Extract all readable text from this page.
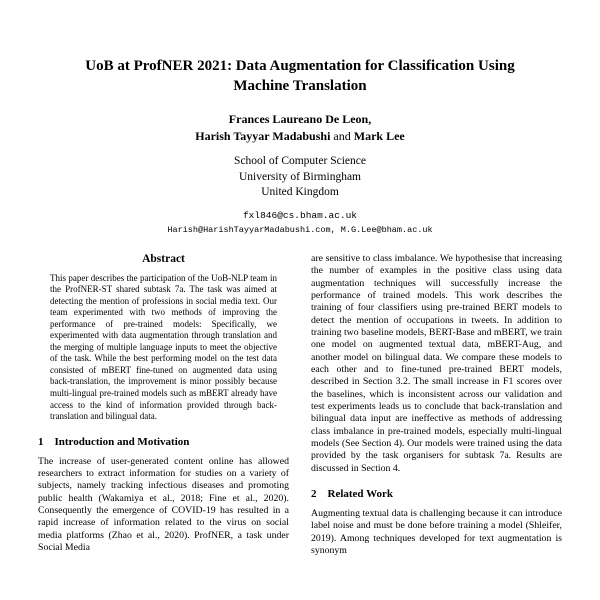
UoB at ProfNER 2021: Data Augmentation for Classification Using Machine Translation
Frances Laureano De Leon,
Harish Tayyar Madabushi and Mark Lee
School of Computer Science
University of Birmingham
United Kingdom
fxl846@cs.bham.ac.uk
Harish@HarishTayyarMadabushi.com, M.G.Lee@bham.ac.uk
Abstract

This paper describes the participation of the UoB-NLP team in the ProfNER-ST shared subtask 7a. The task was aimed at detecting the mention of professions in social media text. Our team experimented with two methods of improving the performance of pre-trained models: Specifically, we experimented with data augmentation through translation and the merging of multiple language inputs to meet the objective of the task. While the best performing model on the test data consisted of mBERT fine-tuned on augmented data using back-translation, the improvement is minor possibly because multi-lingual pre-trained models such as mBERT already have access to the kind of information provided through back-translation and bilingual data.

1 Introduction and Motivation

The increase of user-generated content online has allowed researchers to extract information for studies on a variety of subjects, namely tracking infectious diseases and promoting public health (Wakamiya et al., 2018; Fine et al., 2020). Consequently the emergence of COVID-19 has resulted in a rapid increase of information related to the virus on social media platforms (Zhao et al., 2020). ProfNER, a task under Social Media

are sensitive to class imbalance. We hypothesise that increasing the number of examples in the positive class using data augmentation techniques will successfully increase the performance of trained models. This work describes the training of four classifiers using pre-trained BERT models to detect the mention of occupations in tweets. In addition to training two baseline models, BERT-Base and mBERT, we train one model on augmented textual data, mBERT-Aug, and another model on bilingual data. We compare these models to each other and to fine-tuned pre-trained BERT models, described in Section 3.2. The small increase in F1 scores over the baselines, which is inconsistent across our validation and test experiments leads us to conclude that back-translation and bilingual data input are ineffective as methods of addressing class imbalance in pre-trained models, especially multi-lingual models (See Section 4). Our models were trained using the data provided by the task organisers for subtask 7a. Results are discussed in Section 4.

2 Related Work

Augmenting textual data is challenging because it can introduce label noise and must be done before training a model (Shleifer, 2019). Among techniques developed for text augmentation is synonym
